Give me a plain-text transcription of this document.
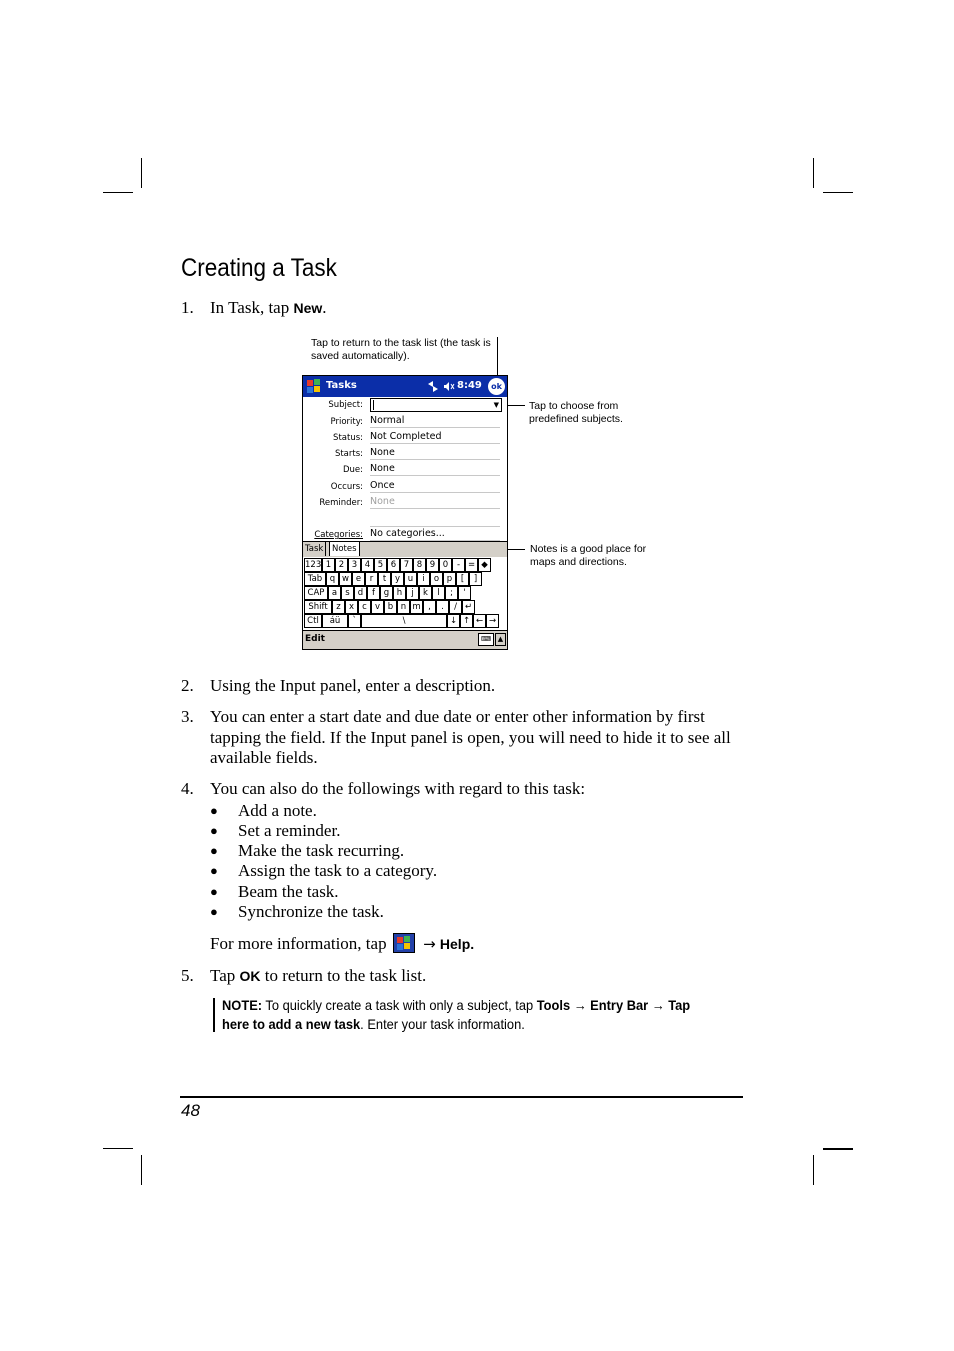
Creating a Task
1. In Task, tap New.
Tap to return to the task list (the task is saved automatically).
Tap to choose from predefined subjects.
Notes is a good place for maps and directions.
Tasks	8:49	ok
Subject:	▼
Priority: Normal
Status: Not Completed
Starts: None
Due: None
Occurs: Once
Reminder: None
Categories: No categories...
Task	Notes
123 1 2 3 4 5 6 7 8 9 0	- = ◆
Tab q w e	r	t	y u	i	o p	[	]
CAP a s d	f	g h	j	k	l	;	'
Shift	z x c v b n m ,	.	/ ↵
Ctl	áü	`	\	↓ ↑ ← →
Edit	⌨ ▲
2. Using the Input panel, enter a description.
3. You can enter a start date and due date or enter other information by first tapping the field. If the Input panel is open, you will need to hide it to see all available fields.
4. You can also do the followings with regard to this task:
● Add a note.
● Set a reminder.
● Make the task recurring.
● Assign the task to a category.
● Beam the task.
● Synchronize the task.
For more information, tap → Help.
5. Tap OK to return to the task list.
NOTE: To quickly create a task with only a subject, tap Tools → Entry Bar → Tap here to add a new task. Enter your task information.
48
